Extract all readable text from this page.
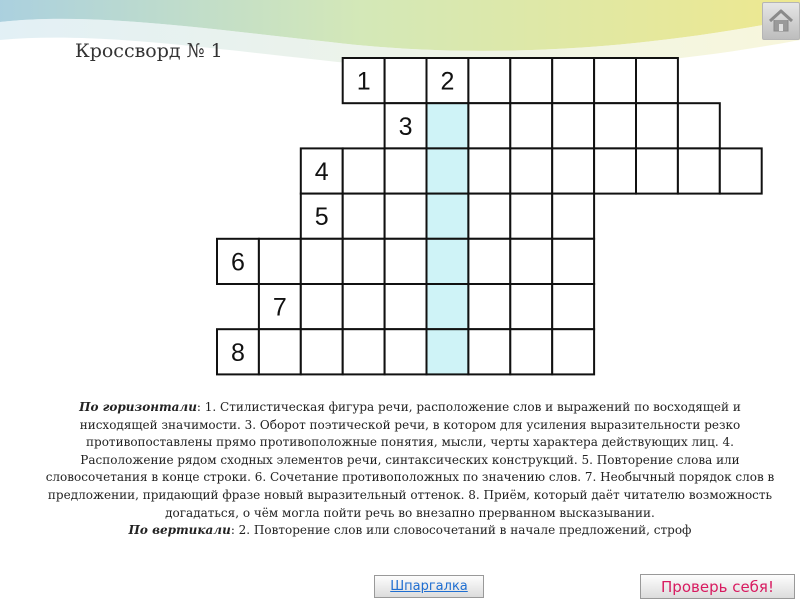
Кроссворд № 1
1
3
4
5
6
7
8
2
По горизонтали: 1. Стилистическая фигура речи, расположение слов и выражений по восходящей и нисходящей значимости. 3. Оборот поэтической речи, в котором для усиления выразительности резко противопоставлены прямо противоположные понятия, мысли, черты характера действующих лиц. 4. Расположение рядом сходных элементов речи, синтаксических конструкций. 5. Повторение слова или словосочетания в конце строки. 6. Сочетание противоположных по значению слов. 7. Необычный порядок слов в предложении, придающий фразе новый выразительный оттенок. 8. Приём, который даёт читателю возможность догадаться, о чём могла пойти речь во внезапно прерванном высказывании.
По вертикали: 2. Повторение слов или словосочетаний в начале предложений, строф
Шпаргалка	Проверь себя!
